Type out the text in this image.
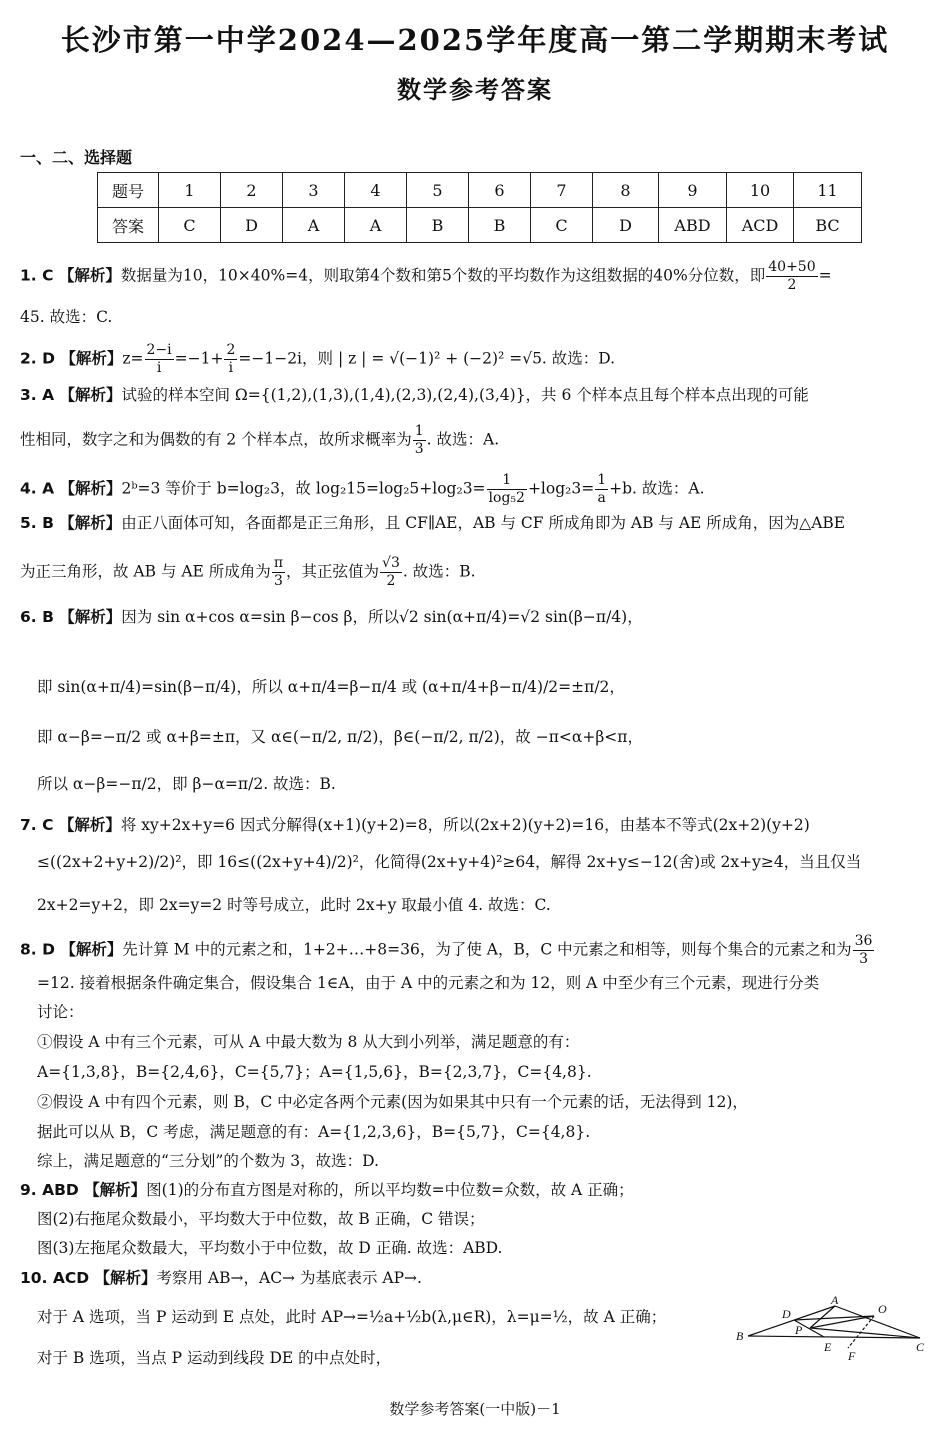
长沙市第一中学2024—2025学年度高一第二学期期末考试
数学参考答案
一、二、选择题
题号	1	2	3	4	5	6	7	8	9	10	11
答案	C	D	A	A	B	B	C	D	ABD	ACD	BC
1. C 【解析】数据量为10，10×40%=4，则取第4个数和第5个数的平均数作为这组数据的40%分位数，即 $\frac{40+50}{2}$ =
45. 故选：C.
2. D 【解析】$z= \frac{2-i}{i} =-1+ \frac{2}{i} =-1-2i$，则 | z | = √(−1)² + (−2)² =√5. 故选：D.
3. A 【解析】试验的样本空间 Ω={(1,2),(1,3),(1,4),(2,3),(2,4),(3,4)}，共 6 个样本点且每个样本点出现的可能
性相同，数字之和为偶数的有 2 个样本点，故所求概率为 $\frac{1}{3}$ . 故选：A.
4. A 【解析】2ᵇ=3 等价于 b=log₂3，故 $\log_215=\log_25+\log_23= \frac{1}{\text{log₅2}} +\log_23= \frac{1}{a} +b$. 故选：A.
5. B 【解析】由正八面体可知，各面都是正三角形，且 CF∥AE，AB 与 CF 所成角即为 AB 与 AE 所成角，因为△ABE
为正三角形，故 AB 与 AE 所成角为 $\frac{\pi}{3}$ ，其正弦值为 $\frac{√3}{2}$ . 故选：B.
6. B 【解析】因为 sin α+cos α=sin β−cos β，所以√2 sin(α+π/4)=√2 sin(β−π/4)，
即 sin(α+π/4)=sin(β−π/4)，所以 α+π/4=β−π/4 或 (α+π/4+β−π/4)/2=±π/2，
即 α−β=−π/2 或 α+β=±π，又 α∈(−π/2, π/2)，β∈(−π/2, π/2)，故 −π<α+β<π，
所以 α−β=−π/2，即 β−α=π/2. 故选：B.
7. C 【解析】将 xy+2x+y=6 因式分解得(x+1)(y+2)=8，所以(2x+2)(y+2)=16，由基本不等式(2x+2)(y+2)
≤((2x+2+y+2)/2)²，即 16≤((2x+y+4)/2)²，化简得(2x+y+4)²≥64，解得 2x+y≤−12(舍)或 2x+y≥4，当且仅当
2x+2=y+2，即 2x=y=2 时等号成立，此时 2x+y 取最小值 4. 故选：C.
8. D 【解析】先计算 M 中的元素之和，1+2+…+8=36，为了使 A，B，C 中元素之和相等，则每个集合的元素之和为 $\frac{36}{3}$
=12. 接着根据条件确定集合，假设集合 1∈A，由于 A 中的元素之和为 12，则 A 中至少有三个元素，现进行分类
讨论：
①假设 A 中有三个元素，可从 A 中最大数为 8 从大到小列举，满足题意的有：
A={1,3,8}，B={2,4,6}，C={5,7}；A={1,5,6}，B={2,3,7}，C={4,8}.
②假设 A 中有四个元素，则 B，C 中必定各两个元素(因为如果其中只有一个元素的话，无法得到 12)，
据此可以从 B，C 考虑，满足题意的有：A={1,2,3,6}，B={5,7}，C={4,8}.
综上，满足题意的“三分划”的个数为 3，故选：D.
9. ABD 【解析】图(1)的分布直方图是对称的，所以平均数=中位数=众数，故 A 正确；
图(2)右拖尾众数最小，平均数大于中位数，故 B 正确，C 错误；
图(3)左拖尾众数最大，平均数小于中位数，故 D 正确. 故选：ABD.
10. ACD 【解析】考察用 AB→，AC→ 为基底表示 AP→.
对于 A 选项，当 P 运动到 E 点处，此时 AP→=½a+½b(λ,μ∈R)，λ=μ=½，故 A 正确；
对于 B 选项，当点 P 运动到线段 DE 的中点处时，
A
D	O
P
B
E
F
C
数学参考答案(一中版)－1
